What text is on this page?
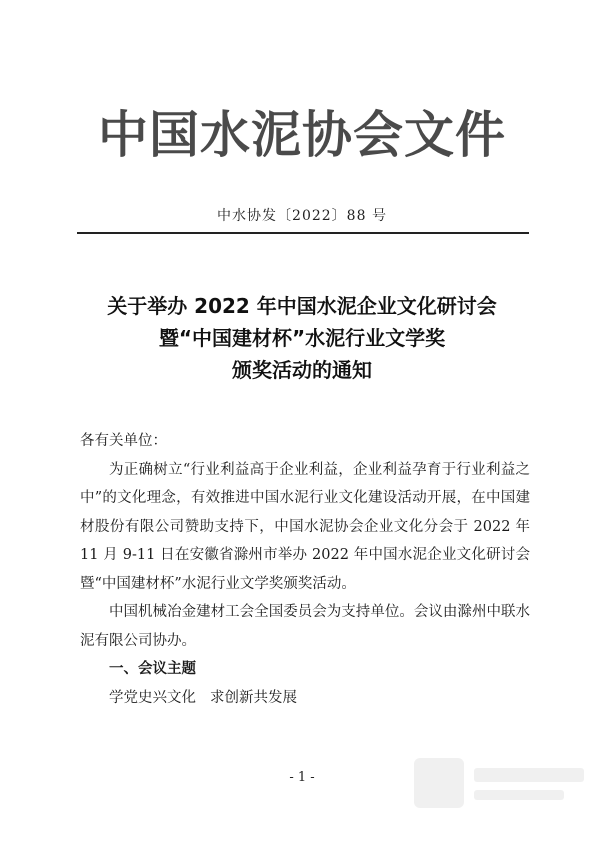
中国水泥协会文件
中水协发〔2022〕88 号
关于举办 2022 年中国水泥企业文化研讨会
暨“中国建材杯”水泥行业文学奖
颁奖活动的通知

各有关单位：

为正确树立“行业利益高于企业利益，企业利益孕育于行业利益之中”的文化理念，有效推进中国水泥行业文化建设活动开展，在中国建材股份有限公司赞助支持下，中国水泥协会企业文化分会于 2022 年 11 月 9-11 日在安徽省滁州市举办 2022 年中国水泥企业文化研讨会暨“中国建材杯”水泥行业文学奖颁奖活动。

中国机械冶金建材工会全国委员会为支持单位。会议由滁州中联水泥有限公司协办。

一、会议主题

学党史兴文化 求创新共发展

- 1 -
